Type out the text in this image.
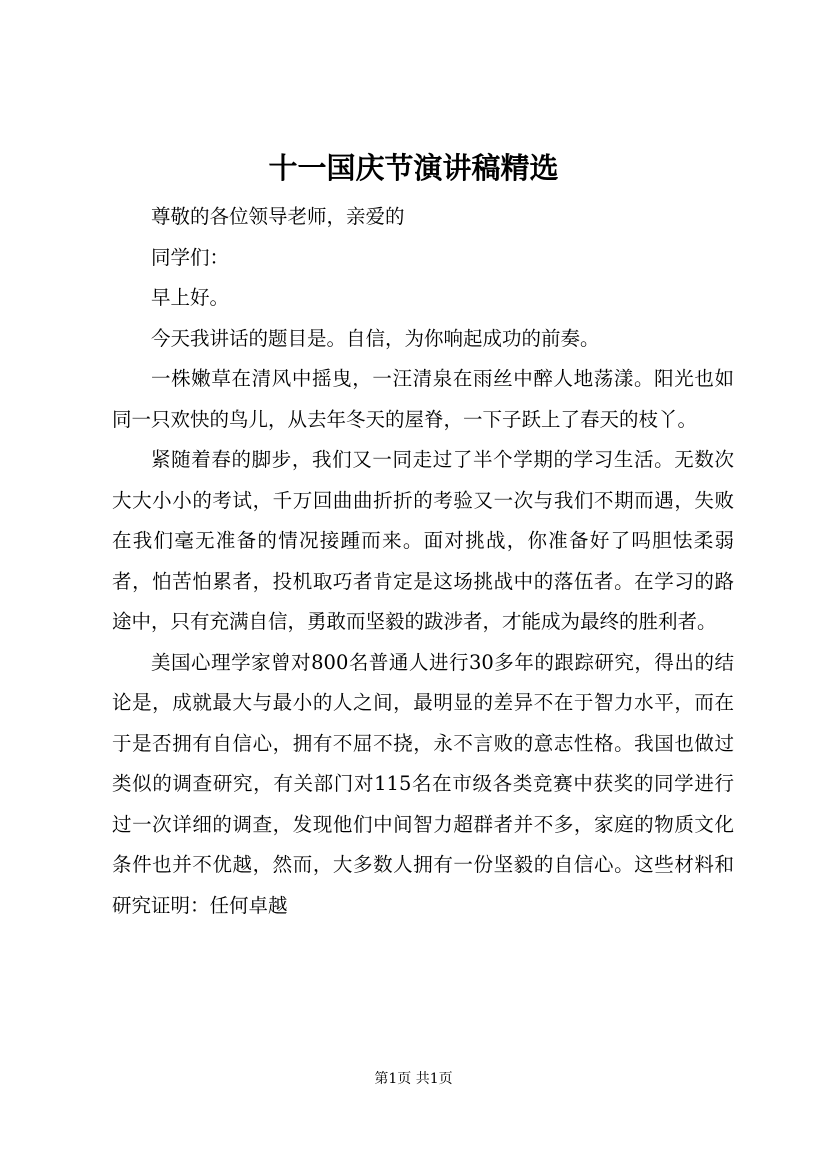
十一国庆节演讲稿精选

尊敬的各位领导老师，亲爱的

同学们：

早上好。

今天我讲话的题目是。自信，为你响起成功的前奏。

一株嫩草在清风中摇曳，一汪清泉在雨丝中醉人地荡漾。阳光也如同一只欢快的鸟儿，从去年冬天的屋脊，一下子跃上了春天的枝丫。

紧随着春的脚步，我们又一同走过了半个学期的学习生活。无数次大大小小的考试，千万回曲曲折折的考验又一次与我们不期而遇，失败在我们毫无准备的情况接踵而来。面对挑战，你准备好了吗胆怯柔弱者，怕苦怕累者，投机取巧者肯定是这场挑战中的落伍者。在学习的路途中，只有充满自信，勇敢而坚毅的跋涉者，才能成为最终的胜利者。

美国心理学家曾对800名普通人进行30多年的跟踪研究，得出的结论是，成就最大与最小的人之间，最明显的差异不在于智力水平，而在于是否拥有自信心，拥有不屈不挠，永不言败的意志性格。我国也做过类似的调查研究，有关部门对115名在市级各类竞赛中获奖的同学进行过一次详细的调查，发现他们中间智力超群者并不多，家庭的物质文化条件也并不优越，然而，大多数人拥有一份坚毅的自信心。这些材料和研究证明：任何卓越

第1页 共1页
